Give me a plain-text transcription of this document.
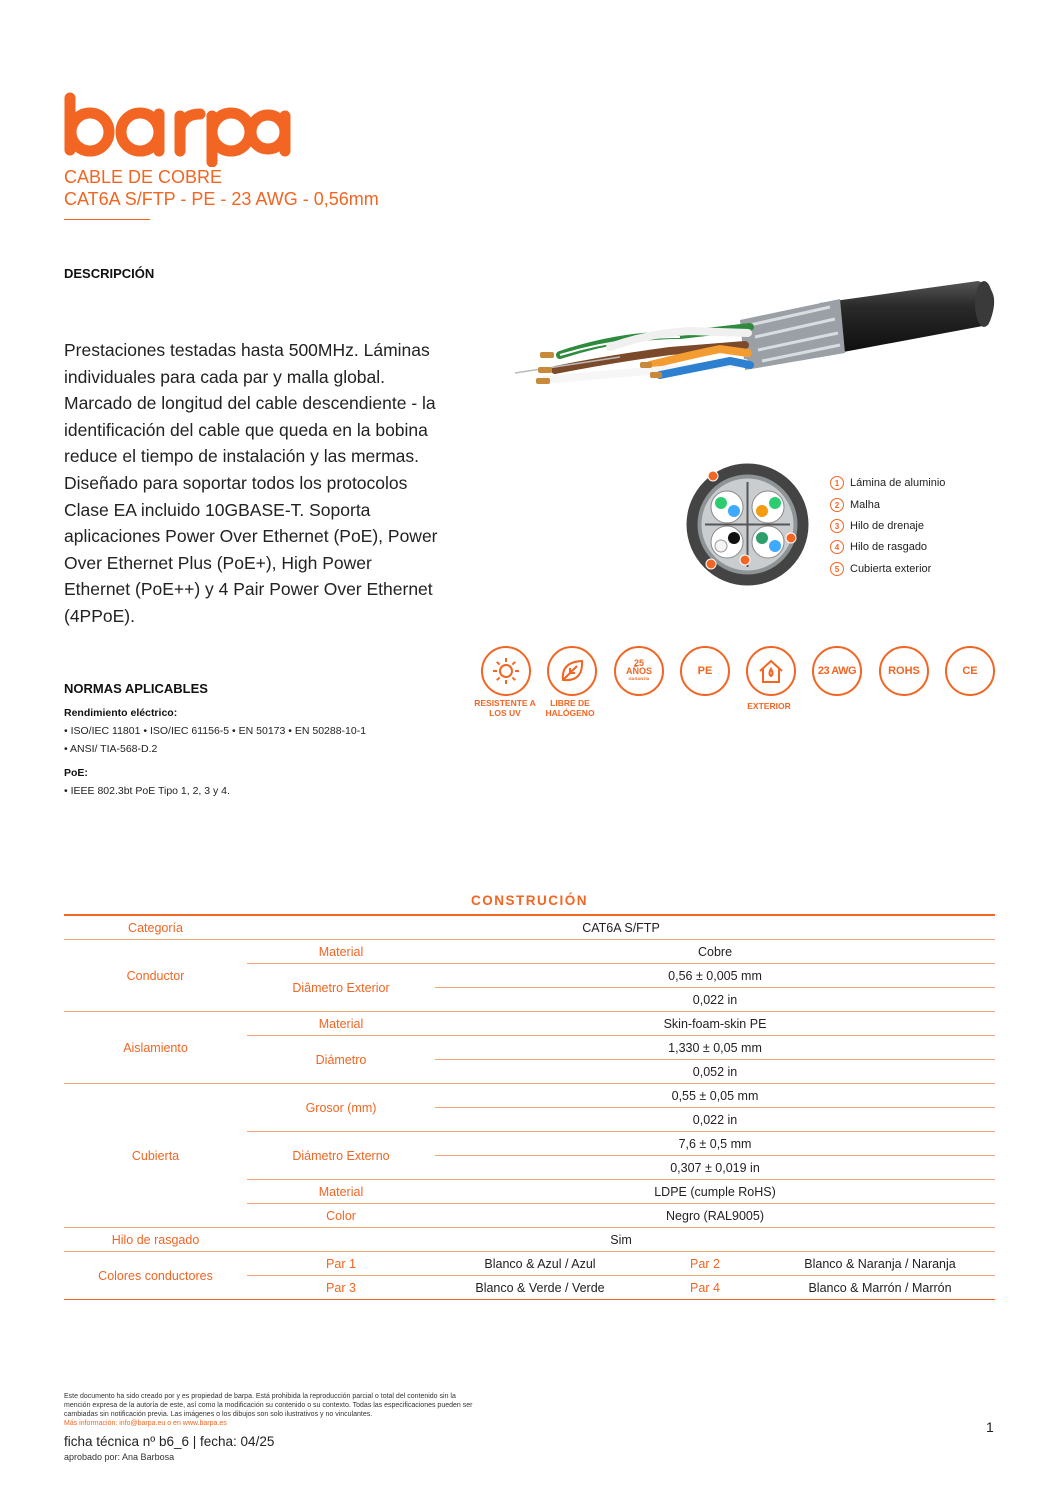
CABLE DE COBRE
CAT6A S/FTP - PE - 23 AWG - 0,56mm
DESCRIPCIÓN
Prestaciones testadas hasta 500MHz. Láminas individuales para cada par y malla global. Marcado de longitud del cable descendiente - la identificación del cable que queda en la bobina reduce el tiempo de instalación y las mermas. Diseñado para soportar todos los protocolos Clase EA incluido 10GBASE-T. Soporta aplicaciones Power Over Ethernet (PoE), Power Over Ethernet Plus (PoE+), High Power Ethernet (PoE++) y 4 Pair Power Over Ethernet (4PPoE).
1 Lámina de aluminio
2 Malha
3 Hilo de drenaje
4 Hilo de rasgado
5 Cubierta exterior
RESISTENTE A
LOS UV
LIBRE DE
HALÓGENO
25
AÑOS
GARANTÍA
PE
EXTERIOR
23 AWG	ROHS	CE
NORMAS APLICABLES
Rendimiento eléctrico:
• ISO/IEC 11801 • ISO/IEC 61156-5 • EN 50173 • EN 50288-10-1
• ANSI/ TIA-568-D.2
PoE:
• IEEE 802.3bt PoE Tipo 1, 2, 3 y 4.
CONSTRUCIÓN
Categoría	CAT6A S/FTP			
Conductor	Material	Cobre		
	Diâmetro Exterior	0,56 ± 0,005 mm		
		0,022 in		
Aislamiento	Material	Skin-foam-skin PE		
	Diámetro	1,330 ± 0,05 mm		
		0,052 in		
Cubierta	Grosor (mm)	0,55 ± 0,05 mm		
		0,022 in		
	Diámetro Externo	7,6 ± 0,5 mm		
		0,307 ± 0,019 in		
	Material	LDPE (cumple RoHS)		
	Color	Negro (RAL9005)		
Hilo de rasgado	Sim			
Colores conductores	Par 1	Blanco & Azul / Azul	Par 2	Blanco & Naranja / Naranja
	Par 3	Blanco & Verde / Verde	Par 4	Blanco & Marrón / Marrón
Este documento ha sido creado por y es propiedad de barpa. Está prohibida la reproducción parcial o total del contenido sin la
mención expresa de la autoría de este, así como la modificación su contenido o su contexto. Todas las especificaciones pueden ser
cambiadas sin notificación previa. Las imágenes o los dibujos son solo ilustrativos y no vinculantes.
Más información: info@barpa.eu o en www.barpa.es
ficha técnica nº b6_6 | fecha: 04/25
aprobado por: Ana Barbosa
1
